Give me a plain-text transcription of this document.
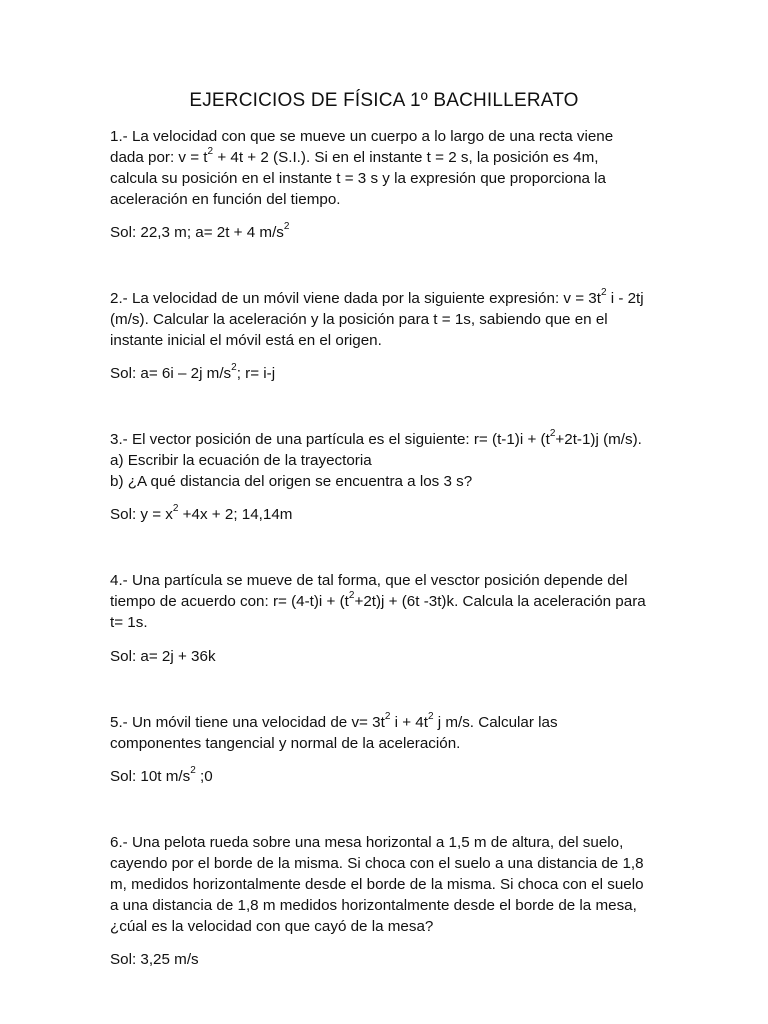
EJERCICIOS DE FÍSICA 1º BACHILLERATO
1.- La velocidad con que se mueve un cuerpo a lo largo de una recta viene
dada por: $v = t^2 + 4t + 2$ (S.I.). Si en el instante t = 2 s, la posición es 4m,
calcula su posición en el instante t = 3 s y la expresión que proporciona la
aceleración en función del tiempo.
Sol: 22,3 m; a= 2t + 4 $m/s^2$
2.- La velocidad de un móvil viene dada por la siguiente expresión: $v = 3t^2$ i - 2tj
(m/s). Calcular la aceleración y la posición para t = 1s, sabiendo que en el
instante inicial el móvil está en el origen.
Sol: a= 6i – 2j $m/s^2$; r= i-j
3.- El vector posición de una partícula es el siguiente: $r= (t-1)i + (t^2+2t-1)j$ (m/s).
a) Escribir la ecuación de la trayectoria
b) ¿A qué distancia del origen se encuentra a los 3 s?
Sol: $y = x^2 +4x + 2$; 14,14m
4.- Una partícula se mueve de tal forma, que el vesctor posición depende del
tiempo de acuerdo con: $r= (4-t)i + (t^2+2t)j + (6t$ -3t)k. Calcula la aceleración para
t= 1s.
Sol: a= 2j + 36k
5.- Un móvil tiene una velocidad de $v= 3t^2$ $i + 4t^2$ j m/s. Calcular las
componentes tangencial y normal de la aceleración.
Sol: 10t $m/s^2$ ;0
6.- Una pelota rueda sobre una mesa horizontal a 1,5 m de altura, del suelo,
cayendo por el borde de la misma. Si choca con el suelo a una distancia de 1,8
m, medidos horizontalmente desde el borde de la misma. Si choca con el suelo
a una distancia de 1,8 m medidos horizontalmente desde el borde de la mesa,
¿cúal es la velocidad con que cayó de la mesa?
Sol: 3,25 m/s
